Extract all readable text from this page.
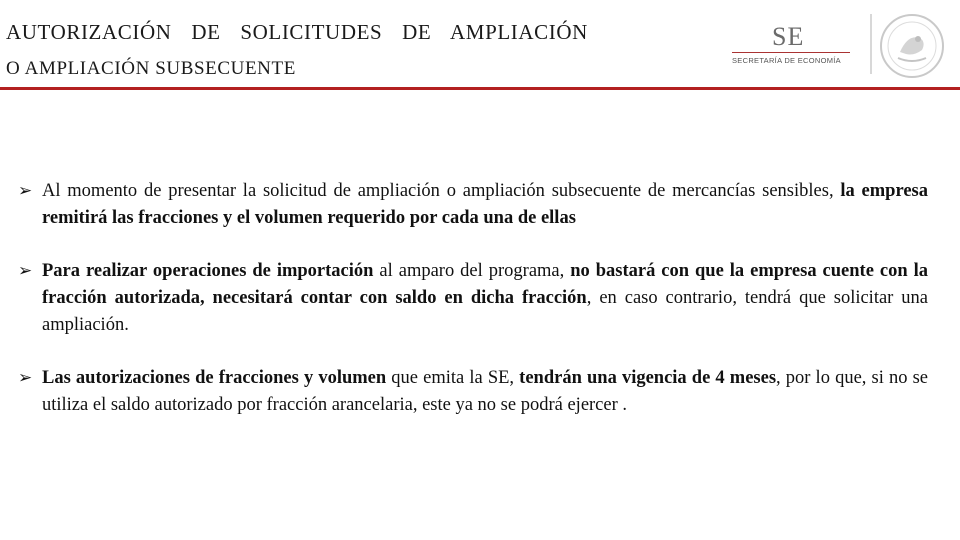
AUTORIZACIÓN DE SOLICITUDES DE AMPLIACIÓN
O AMPLIACIÓN SUBSECUENTE
SE
SECRETARÍA DE ECONOMÍA
➢ Al momento de presentar la solicitud de ampliación o ampliación subsecuente de mercancías sensibles, la empresa remitirá las fracciones y el volumen requerido por cada una de ellas
➢ Para realizar operaciones de importación al amparo del programa, no bastará con que la empresa cuente con la fracción autorizada, necesitará contar con saldo en dicha fracción, en caso contrario, tendrá que solicitar una ampliación.
➢ Las autorizaciones de fracciones y volumen que emita la SE, tendrán una vigencia de 4 meses, por lo que, si no se utiliza el saldo autorizado por fracción arancelaria, este ya no se podrá ejercer .
